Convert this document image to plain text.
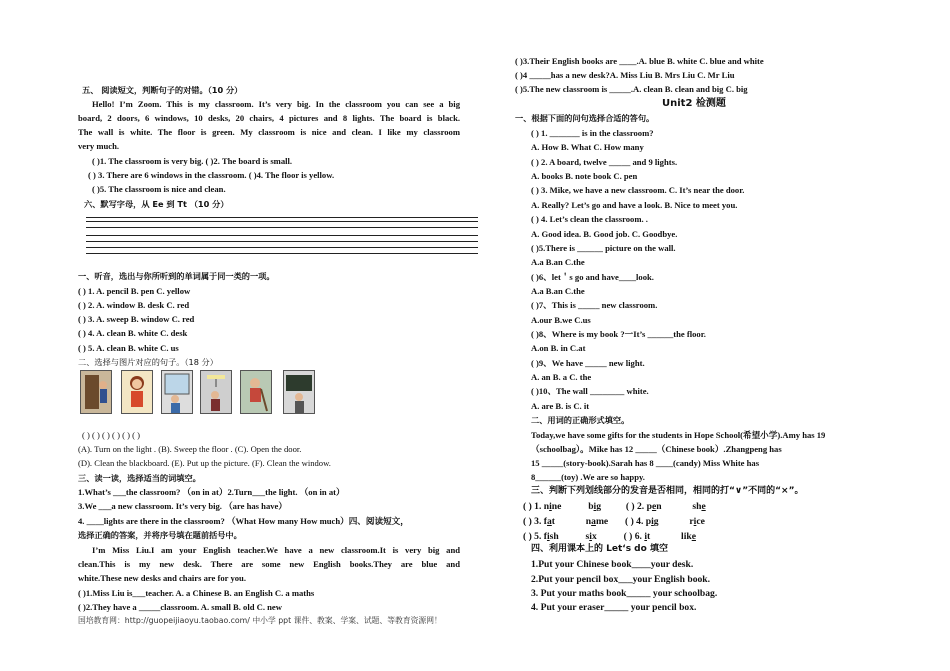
五、 阅读短文，判断句子的对错。（10 分）
Hello! I’m Zoom. This is my classroom. It’s very big. In the classroom you can see a big
board, 2 doors, 6 windows, 10 desks, 20 chairs, 4 pictures and 8 lights. The board is black.
The wall is white. The floor is green. My classroom is nice and clean. I like my classroom
very much.
( )1. The classroom is very big. ( )2. The board is small.
( ) 3. There are 6 windows in the classroom. ( )4. The floor is yellow.
( )5. The classroom is nice and clean.
六、默写字母，从 Ee 到 Tt （10 分）
一、听音，选出与你所听到的单词属于同一类的一项。
( ) 1. A. pencil B. pen C. yellow
( ) 2. A. window B. desk C. red
( ) 3. A. sweep B. window C. red
( ) 4. A. clean B. white C. desk
( ) 5. A. clean B. white C. us
二、选择与图片对应的句子。（18 分）
( ) ( ) ( ) ( ) ( ) ( )
(A). Turn on the light . (B). Sweep the floor . (C). Open the door.
(D). Clean the blackboard. (E). Put up the picture. (F). Clean the window.
三、读一读，选择适当的词填空。
1.What’s ___the classroom? （on in at）2.Turn___the light. （on in at）
3.We ___a new classroom. It’s very big. （are has have）
4. ____lights are there in the classroom? （What How many How much）四、阅读短文，
选择正确的答案，并将序号填在题前括号中。
I’m Miss Liu.I am your English teacher.We have a new classroom.It is very big and
clean.This is my new desk. There are some new English books.They are blue and
white.These new desks and chairs are for you.
( )1.Miss Liu is___teacher. A. a Chinese B. an English C. a maths
( )2.They have a _____classroom. A. small B. old C. new
国培教育网：http://guopeijiaoyu.taobao.com/ 中小学 ppt 课件、教案、学案、试题、等教育资源网！
( )3.Their English books are ____.A. blue B. white C. blue and white
( )4 _____has a new desk?A. Miss Liu B. Mrs Liu C. Mr Liu
( )5.The new classroom is _____.A. clean B. clean and big C. big
Unit2 检测题
一、根据下面的问句选择合适的答句。
( ) 1. _______ is in the classroom?
A. How B. What C. How many
( ) 2. A board, twelve _____ and 9 lights.
A. books B. note book C. pen
( ) 3. Mike, we have a new classroom. C. It’s near the door.
A. Really? Let’s go and have a look. B. Nice to meet you.
( ) 4. Let’s clean the classroom. .
A. Good idea. B. Good job. C. Goodbye.
( )5.There is ______ picture on the wall.
A.a B.an C.the
( )6、let＇s go and have____look.
A.a B.an C.the
( )7、This is _____ new classroom.
A.our B.we C.us
( )8、Where is my book ?一It’s ______the floor.
A.on B. in C.at
( )9、We have _____ new light.
A. an B. a C. the
( )10、The wall ________ white.
A. are B. is C. it
二、用词的正确形式填空。
Today,we have some gifts for the students in Hope School(希望小学).Amy has 19
（schoolbag）。Mike has 12 _____（Chinese book）.Zhangpeng has
15 _____(story-book).Sarah has 8 ____(candy) Miss White has
8______(toy) .We are so happy.
三、判断下列划线部分的发音是否相同，相同的打“∨”不同的“×”。
( ) 1. nine	big	( ) 2. pen	she
( ) 3. fat	name ( ) 4. pig	rice
( ) 5. fish	six	( ) 6. it	like
四、利用课本上的 Let‘s do 填空
1.Put your Chinese book____your desk.
2.Put your pencil box___your English book.
3. Put your maths book_____ your schoolbag.
4. Put your eraser_____ your pencil box.
